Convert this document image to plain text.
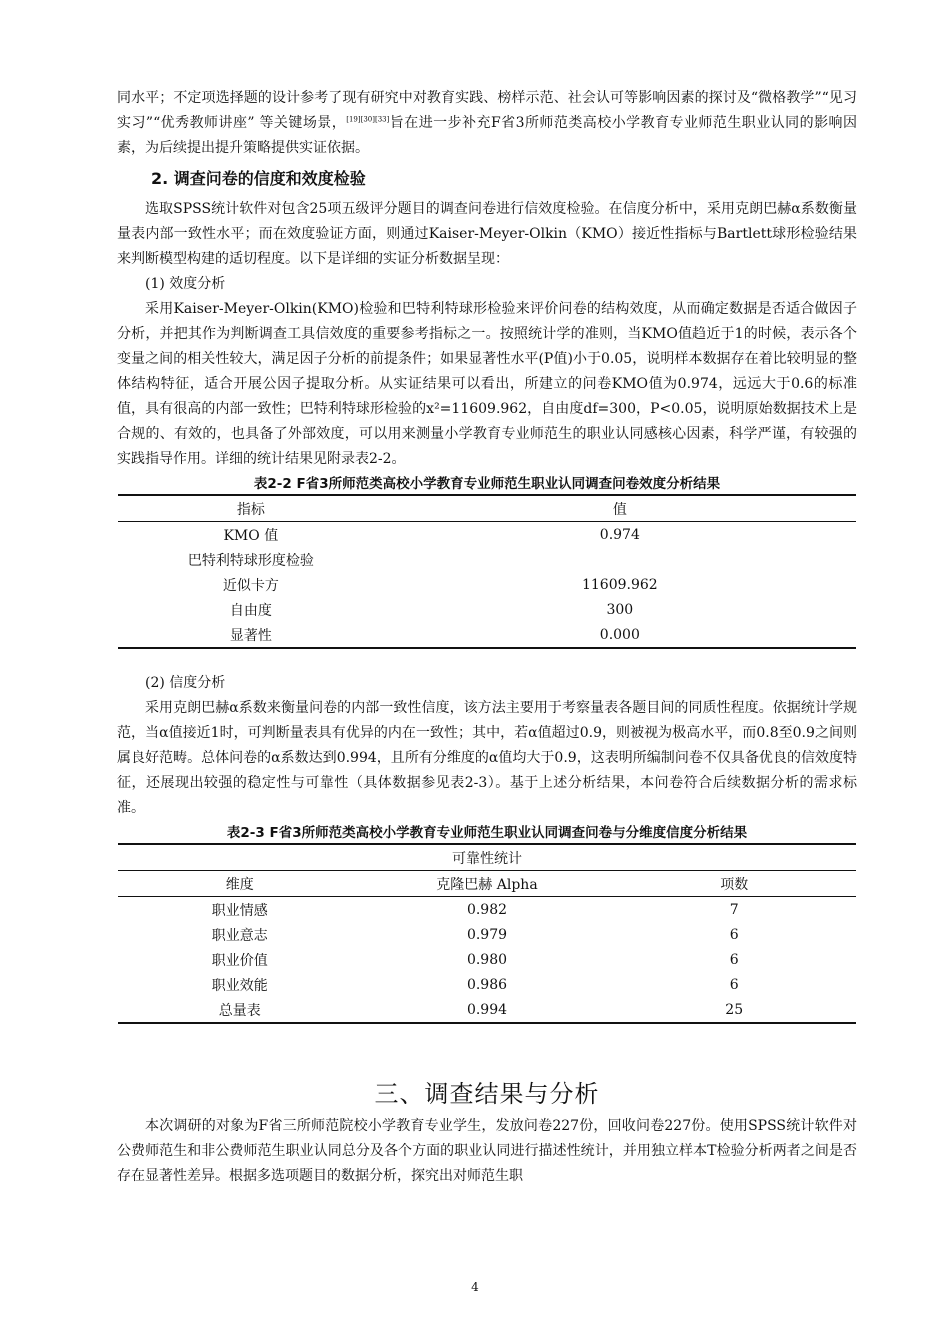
同水平；不定项选择题的设计参考了现有研究中对教育实践、榜样示范、社会认可等影响因素的探讨及“微格教学”“见习实习”“优秀教师讲座” 等关键场景，[19][30][33]旨在进一步补充F省3所师范类高校小学教育专业师范生职业认同的影响因素，为后续提出提升策略提供实证依据。

2. 调查问卷的信度和效度检验

选取SPSS统计软件对包含25项五级评分题目的调查问卷进行信效度检验。在信度分析中，采用克朗巴赫α系数衡量量表内部一致性水平；而在效度验证方面，则通过Kaiser-Meyer-Olkin（KMO）接近性指标与Bartlett球形检验结果来判断模型构建的适切程度。以下是详细的实证分析数据呈现：

(1) 效度分析

采用Kaiser-Meyer-Olkin(KMO)检验和巴特利特球形检验来评价问卷的结构效度，从而确定数据是否适合做因子分析，并把其作为判断调查工具信效度的重要参考指标之一。按照统计学的准则，当KMO值趋近于1的时候，表示各个变量之间的相关性较大，满足因子分析的前提条件；如果显著性水平(P值)小于0.05，说明样本数据存在着比较明显的整体结构特征，适合开展公因子提取分析。从实证结果可以看出，所建立的问卷KMO值为0.974，远远大于0.6的标准值，具有很高的内部一致性；巴特利特球形检验的x²=11609.962，自由度df=300，P<0.05，说明原始数据技术上是合规的、有效的，也具备了外部效度，可以用来测量小学教育专业师范生的职业认同感核心因素，科学严谨，有较强的实践指导作用。详细的统计结果见附录表2-2。

表2-2 F省3所师范类高校小学教育专业师范生职业认同调查问卷效度分析结果
指标	值
KMO 值	0.974
巴特利特球形度检验	
近似卡方	11609.962
自由度	300
显著性	0.000

(2) 信度分析

采用克朗巴赫α系数来衡量问卷的内部一致性信度，该方法主要用于考察量表各题目间的同质性程度。依据统计学规范，当α值接近1时，可判断量表具有优异的内在一致性；其中，若α值超过0.9，则被视为极高水平，而0.8至0.9之间则属良好范畴。总体问卷的α系数达到0.994，且所有分维度的α值均大于0.9，这表明所编制问卷不仅具备优良的信效度特征，还展现出较强的稳定性与可靠性（具体数据参见表2-3）。基于上述分析结果，本问卷符合后续数据分析的需求标准。

表2-3 F省3所师范类高校小学教育专业师范生职业认同调查问卷与分维度信度分析结果
可靠性统计		
维度	克隆巴赫 Alpha	项数
职业情感	0.982	7
职业意志	0.979	6
职业价值	0.980	6
职业效能	0.986	6
总量表	0.994	25
三、调查结果与分析

本次调研的对象为F省三所师范院校小学教育专业学生，发放问卷227份，回收问卷227份。使用SPSS统计软件对公费师范生和非公费师范生职业认同总分及各个方面的职业认同进行描述性统计，并用独立样本T检验分析两者之间是否存在显著性差异。根据多选项题目的数据分析，探究出对师范生职

4
